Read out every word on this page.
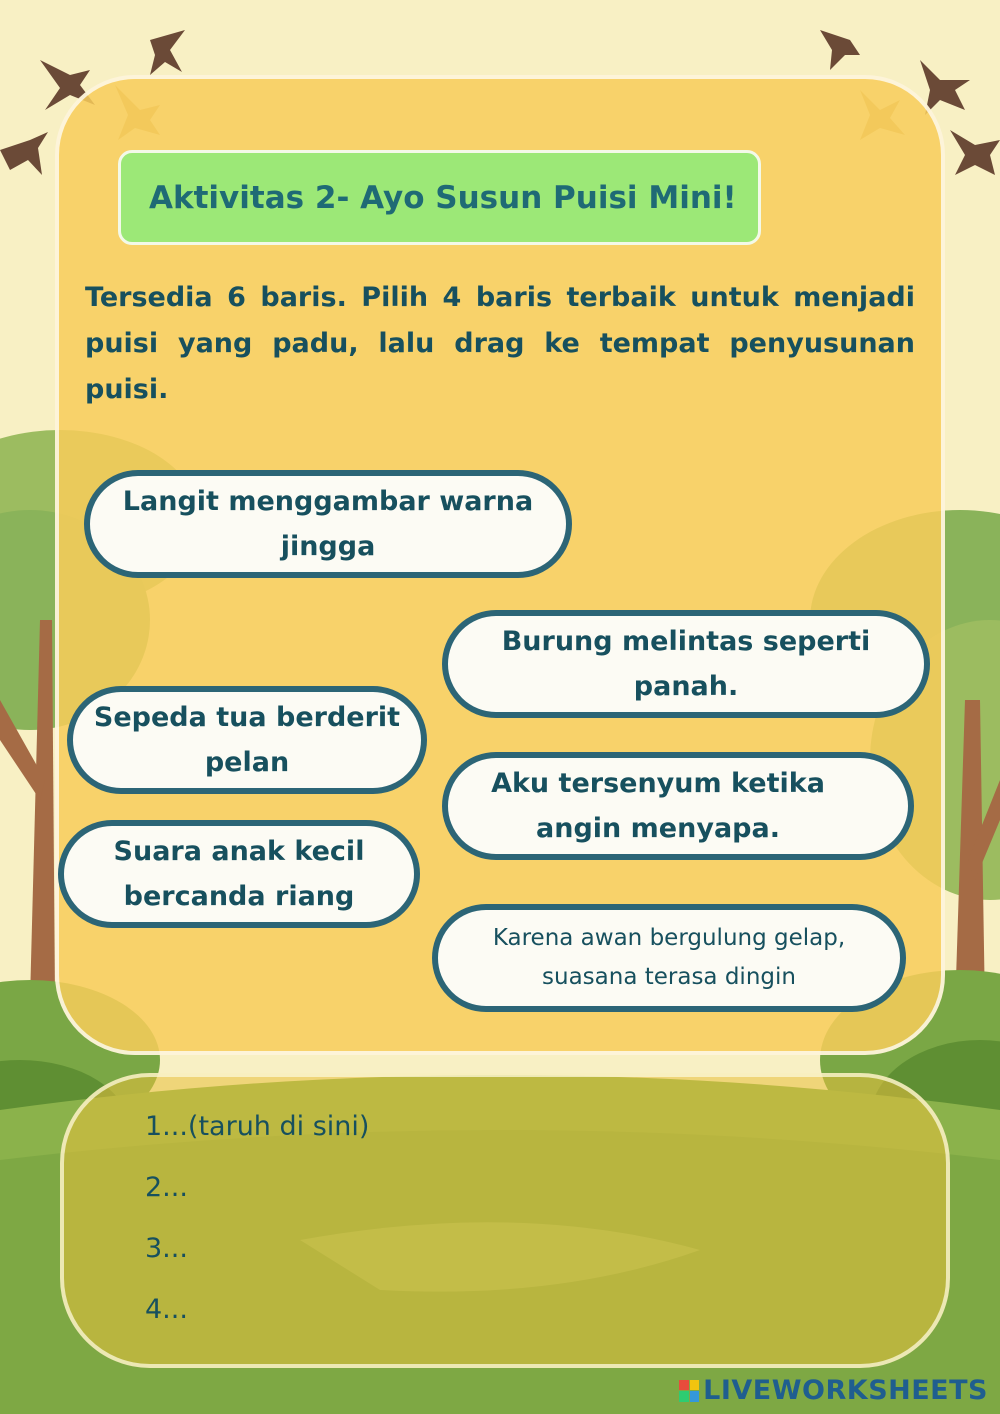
Aktivitas 2- Ayo Susun Puisi Mini!
Tersedia 6 baris. Pilih 4 baris terbaik untuk menjadi puisi yang padu, lalu drag ke tempat penyusunan puisi.
Langit menggambar warna jingga
Burung melintas seperti panah.
Sepeda tua berderit pelan
Aku tersenyum ketika angin menyapa.
Suara anak kecil bercanda riang
Karena awan bergulung gelap, suasana terasa dingin
1...(taruh di sini)
2...
3...
4...
LIVEWORKSHEETS
